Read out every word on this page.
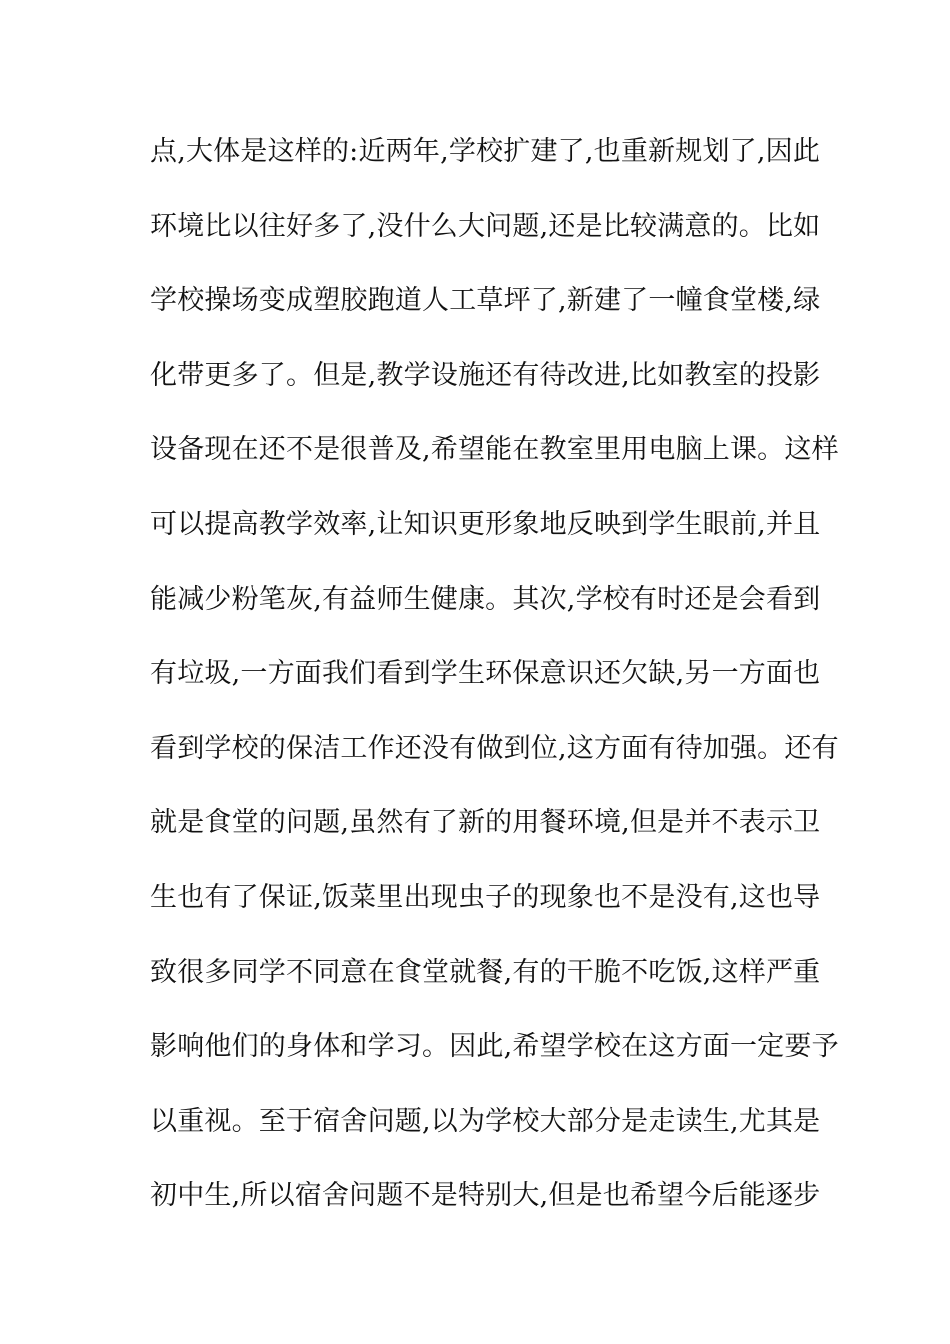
点,大体是这样的:近两年,学校扩建了,也重新规划了,因此
环境比以往好多了,没什么大问题,还是比较满意的。比如
学校操场变成塑胶跑道人工草坪了,新建了一幢食堂楼,绿
化带更多了。但是,教学设施还有待改进,比如教室的投影
设备现在还不是很普及,希望能在教室里用电脑上课。这样
可以提高教学效率,让知识更形象地反映到学生眼前,并且
能减少粉笔灰,有益师生健康。其次,学校有时还是会看到
有垃圾,一方面我们看到学生环保意识还欠缺,另一方面也
看到学校的保洁工作还没有做到位,这方面有待加强。还有
就是食堂的问题,虽然有了新的用餐环境,但是并不表示卫
生也有了保证,饭菜里出现虫子的现象也不是没有,这也导
致很多同学不同意在食堂就餐,有的干脆不吃饭,这样严重
影响他们的身体和学习。因此,希望学校在这方面一定要予
以重视。至于宿舍问题,以为学校大部分是走读生,尤其是
初中生,所以宿舍问题不是特别大,但是也希望今后能逐步
